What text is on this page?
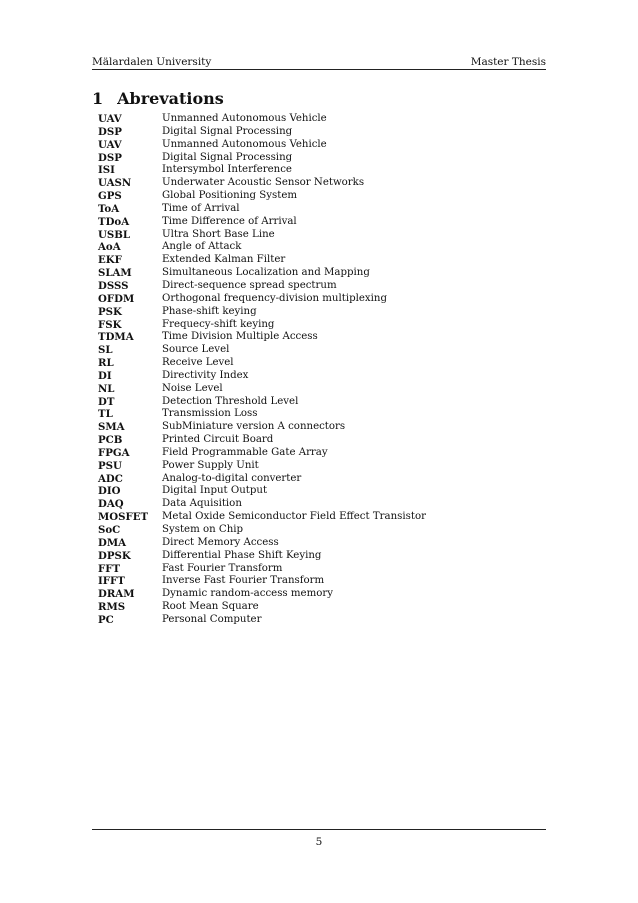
Mälardalen University	Master Thesis
1 Abrevations
UAV	Unmanned Autonomous Vehicle
DSP	Digital Signal Processing
UAV	Unmanned Autonomous Vehicle
DSP	Digital Signal Processing
ISI	Intersymbol Interference
UASN	Underwater Acoustic Sensor Networks
GPS	Global Positioning System
ToA	Time of Arrival
TDoA	Time Difference of Arrival
USBL	Ultra Short Base Line
AoA	Angle of Attack
EKF	Extended Kalman Filter
SLAM	Simultaneous Localization and Mapping
DSSS	Direct-sequence spread spectrum
OFDM	Orthogonal frequency-division multiplexing
PSK	Phase-shift keying
FSK	Frequecy-shift keying
TDMA	Time Division Multiple Access
SL	Source Level
RL	Receive Level
DI	Directivity Index
NL	Noise Level
DT	Detection Threshold Level
TL	Transmission Loss
SMA	SubMiniature version A connectors
PCB	Printed Circuit Board
FPGA	Field Programmable Gate Array
PSU	Power Supply Unit
ADC	Analog-to-digital converter
DIO	Digital Input Output
DAQ	Data Aquisition
MOSFET	Metal Oxide Semiconductor Field Effect Transistor
SoC	System on Chip
DMA	Direct Memory Access
DPSK	Differential Phase Shift Keying
FFT	Fast Fourier Transform
IFFT	Inverse Fast Fourier Transform
DRAM	Dynamic random-access memory
RMS	Root Mean Square
PC	Personal Computer
5
